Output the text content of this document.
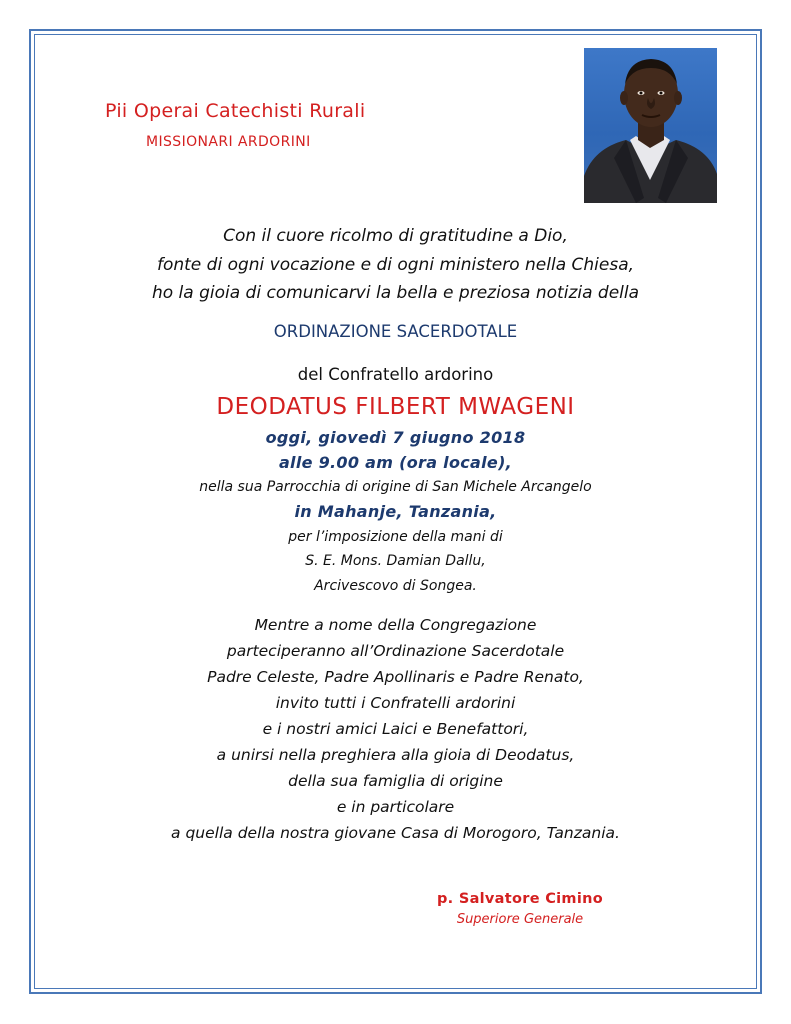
Pii Operai Catechisti Rurali
MISSIONARI ARDORINI
Con il cuore ricolmo di gratitudine a Dio,
fonte di ogni vocazione e di ogni ministero nella Chiesa,
ho la gioia di comunicarvi la bella e preziosa notizia della
ORDINAZIONE SACERDOTALE
del Confratello ardorino
DEODATUS FILBERT MWAGENI
oggi, giovedì 7 giugno 2018
alle 9.00 am (ora locale),
nella sua Parrocchia di origine di San Michele Arcangelo
in Mahanje, Tanzania,
per l’imposizione della mani di
S. E. Mons. Damian Dallu,
Arcivescovo di Songea.
Mentre a nome della Congregazione
parteciperanno all’Ordinazione Sacerdotale
Padre Celeste, Padre Apollinaris e Padre Renato,
invito tutti i Confratelli ardorini
e i nostri amici Laici e Benefattori,
a unirsi nella preghiera alla gioia di Deodatus,
della sua famiglia di origine
e in particolare
a quella della nostra giovane Casa di Morogoro, Tanzania.
p. Salvatore Cimino
Superiore Generale
